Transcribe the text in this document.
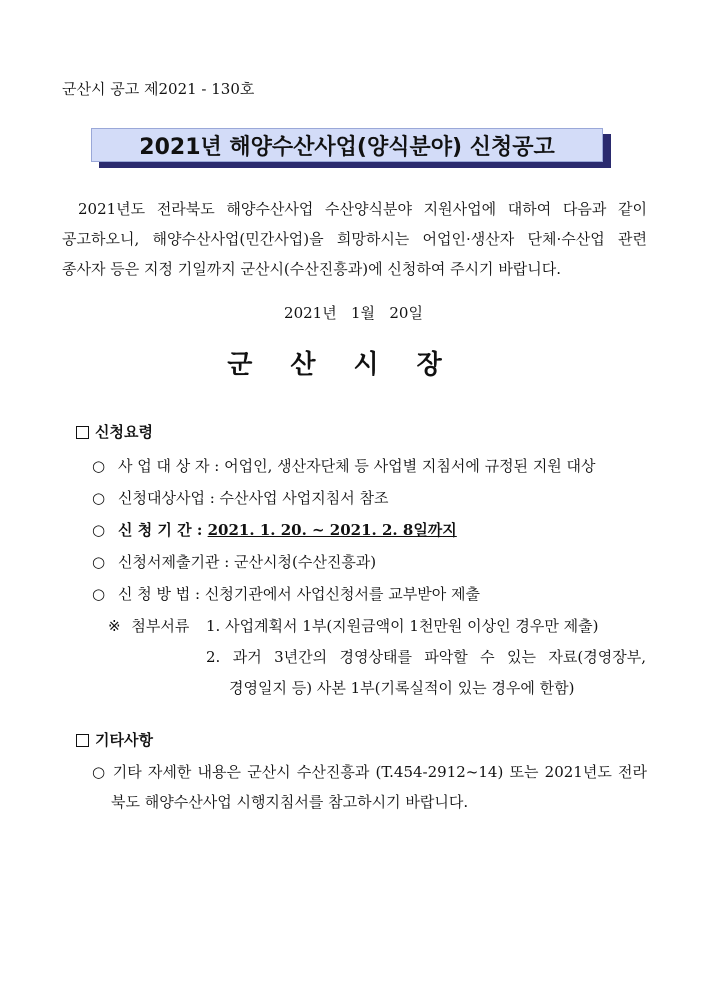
군산시 공고 제2021 - 130호
2021년 해양수산사업(양식분야) 신청공고
2021년도 전라북도 해양수산사업 수산양식분야 지원사업에 대하여 다음과 같이
공고하오니, 해양수산사업(민간사업)을 희망하시는 어업인·생산자 단체·수산업 관련
종사자 등은 지정 기일까지 군산시(수산진흥과)에 신청하여 주시기 바랍니다.
2021년   1월   20일
군산시장
신청요령
○ 사 업 대 상 자 : 어업인, 생산자단체 등 사업별 지침서에 규정된 지원 대상
○ 신청대상사업 : 수산사업 사업지침서 참조
○ 신 청 기 간 : 2021. 1. 20. ~ 2021. 2. 8일까지
○ 신청서제출기관 : 군산시청(수산진흥과)
○ 신 청 방 법 : 신청기관에서 사업신청서를 교부받아 제출
※ 첨부서류 1. 사업계획서 1부(지원금액이 1천만원 이상인 경우만 제출)
2. 과거 3년간의 경영상태를 파악할 수 있는 자료(경영장부,
경영일지 등) 사본 1부(기록실적이 있는 경우에 한함)
기타사항
○ 기타 자세한 내용은 군산시 수산진흥과 (T.454-2912~14) 또는 2021년도 전라
북도 해양수산사업 시행지침서를 참고하시기 바랍니다.
